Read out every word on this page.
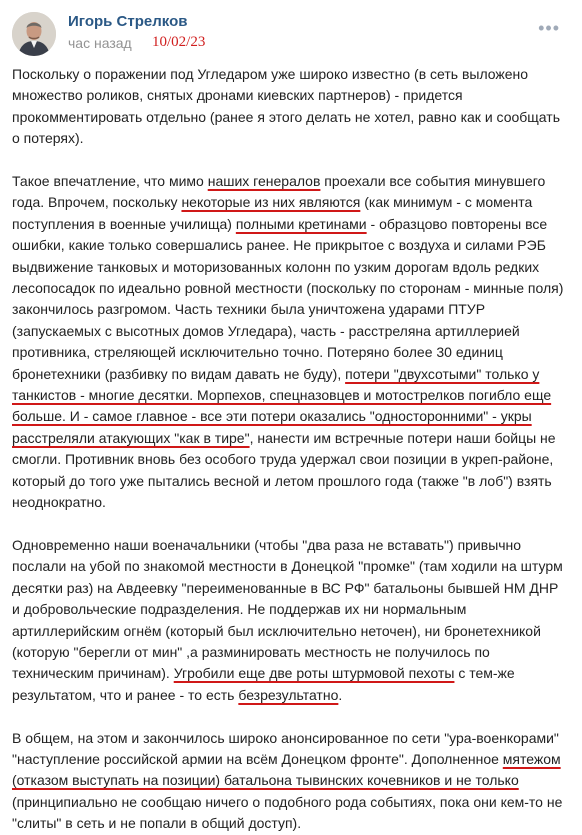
Игорь Стрелков
час назад 10/02/23
•••

Поскольку о поражении под Угледаром уже широко известно (в сеть выложено множество роликов, снятых дронами киевских партнеров) - придется прокомментировать отдельно (ранее я этого делать не хотел, равно как и сообщать о потерях).

Такое впечатление, что мимо наших генералов проехали все события минувшего года. Впрочем, поскольку некоторые из них являются (как минимум - с момента поступления в военные училища) полными кретинами - образцово повторены все ошибки, какие только совершались ранее. Не прикрытое с воздуха и силами РЭБ выдвижение танковых и моторизованных колонн по узким дорогам вдоль редких лесопосадок по идеально ровной местности (поскольку по сторонам - минные поля) закончилось разгромом. Часть техники была уничтожена ударами ПТУР (запускаемых с высотных домов Угледара), часть - расстреляна артиллерией противника, стреляющей исключительно точно. Потеряно более 30 единиц бронетехники (разбивку по видам давать не буду), потери "двухсотыми" только у танкистов - многие десятки. Морпехов, спецназовцев и мотострелков погибло еще больше. И - самое главное - все эти потери оказались "односторонними" - укры расстреляли атакующих "как в тире", нанести им встречные потери наши бойцы не смогли. Противник вновь без особого труда удержал свои позиции в укреп-районе, который до того уже пытались весной и летом прошлого года (также "в лоб") взять неоднократно.

Одновременно наши военачальники (чтобы "два раза не вставать") привычно послали на убой по знакомой местности в Донецкой "промке" (там ходили на штурм десятки раз) на Авдеевку "переименованные в ВС РФ" батальоны бывшей НМ ДНР и добровольческие подразделения. Не поддержав их ни нормальным артиллерийским огнём (который был исключительно неточен), ни бронетехникой (которую "берегли от мин" ,а разминировать местность не получилось по техническим причинам). Угробили еще две роты штурмовой пехоты с тем-же результатом, что и ранее - то есть безрезультатно.

В общем, на этом и закончилось широко анонсированное по сети "ура-военкорами" "наступление российской армии на всём Донецком фронте". Дополненное мятежом (отказом выступать на позиции) батальона тывинских кочевников и не только (принципиально не сообщаю ничего о подобного рода событиях, пока они кем-то не "слиты" в сеть и не попали в общий доступ).
